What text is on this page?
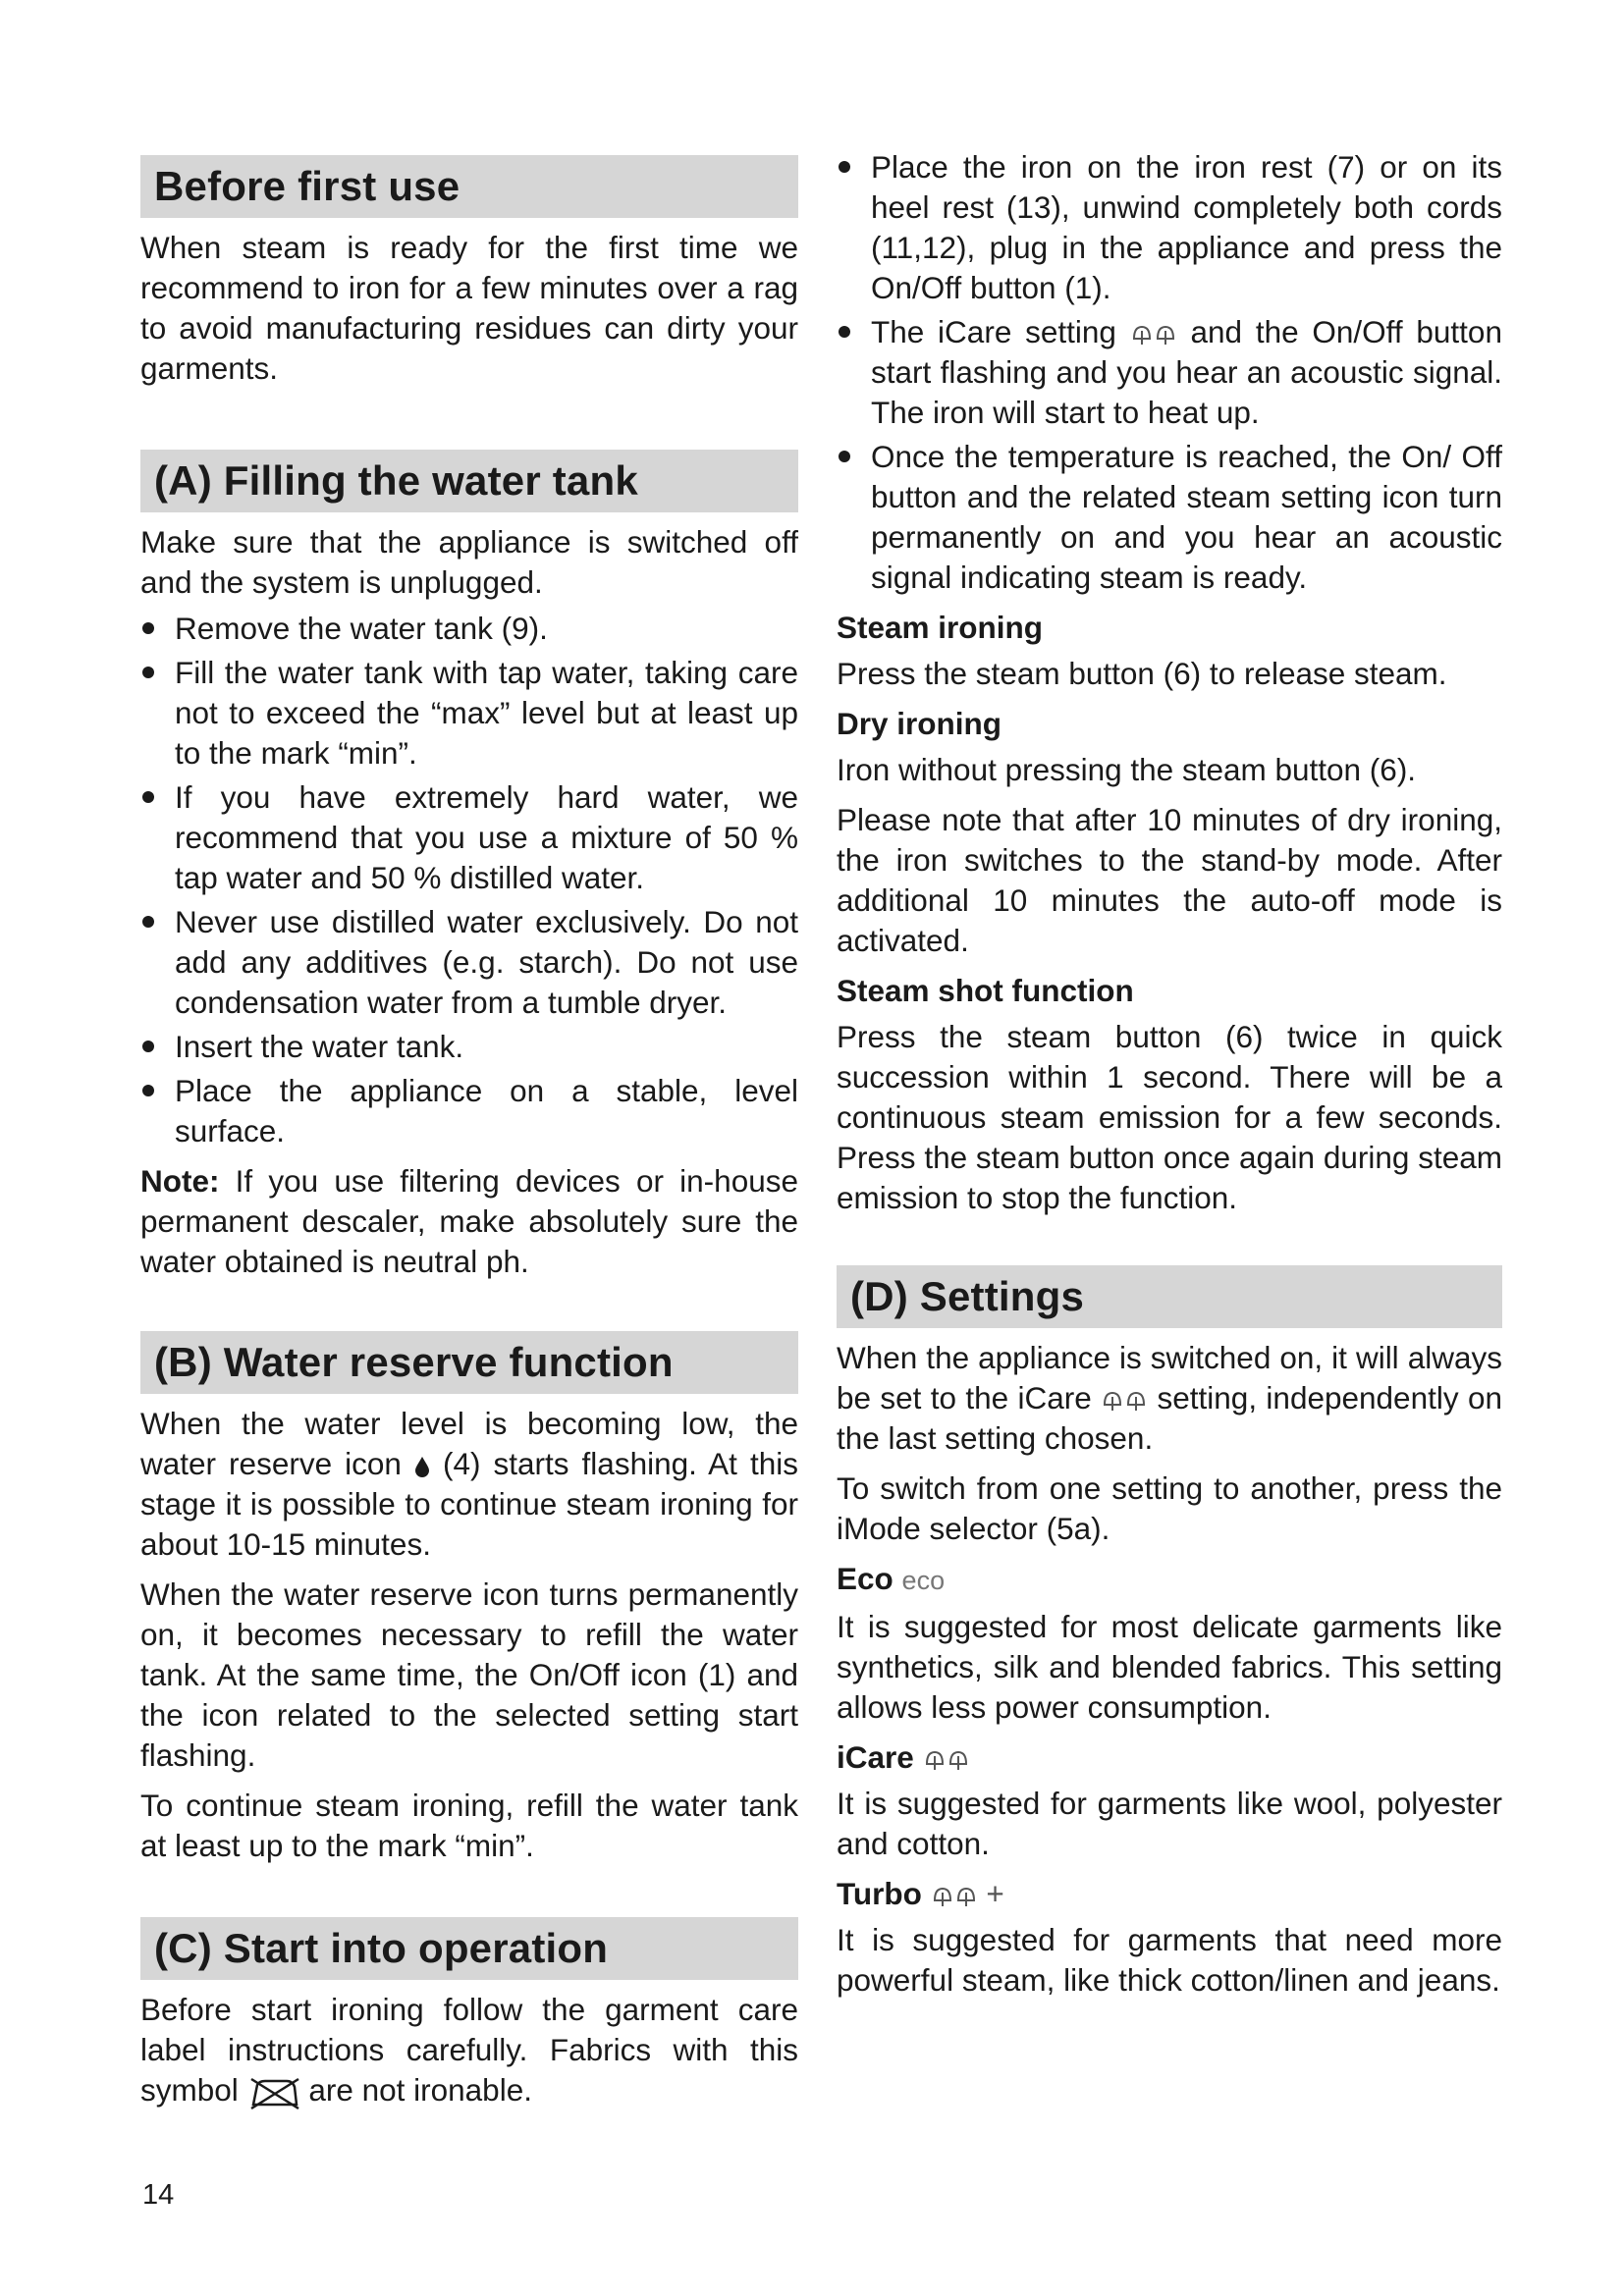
Before first use

When steam is ready for the first time we recommend to iron for a few minutes over a rag to avoid manufacturing residues can dirty your garments.

(A) Filling the water tank

Make sure that the appliance is switched off and the system is unplugged.

Remove the water tank (9).
Fill the water tank with tap water, taking care not to exceed the “max” level but at least up to the mark “min”.
If you have extremely hard water, we recommend that you use a mixture of 50 % tap water and 50 % distilled water.
Never use distilled water exclusively. Do not add any additives (e.g. starch). Do not use condensation water from a tumble dryer.
Insert the water tank.
Place the appliance on a stable, level surface.

Note: If you use filtering devices or in-house permanent descaler, make absolutely sure the water obtained is neutral ph.

(B) Water reserve function

When the water level is becoming low, the water reserve icon (4) starts flashing. At this stage it is possible to continue steam ironing for about 10-15 minutes.

When the water reserve icon turns permanently on, it becomes necessary to refill the water tank. At the same time, the On/Off icon (1) and the icon related to the selected setting start flashing.

To continue steam ironing, refill the water tank at least up to the mark “min”.

(C) Start into operation

Before start ironing follow the garment care label instructions carefully. Fabrics with this symbol are not ironable.

14
Place the iron on the iron rest (7) or on its heel rest (13), unwind completely both cords (11,12), plug in the appliance and press the On/Off button (1).
The iCare setting and the On/Off button start flashing and you hear an acoustic signal. The iron will start to heat up.
Once the temperature is reached, the On/ Off button and the related steam setting icon turn permanently on and you hear an acoustic signal indicating steam is ready.
Steam ironing

Press the steam button (6) to release steam.

Dry ironing

Iron without pressing the steam button (6).

Please note that after 10 minutes of dry ironing, the iron switches to the stand-by mode. After additional 10 minutes the auto-off mode is activated.

Steam shot function

Press the steam button (6) twice in quick succession within 1 second. There will be a continuous steam emission for a few seconds. Press the steam button once again during steam emission to stop the function.

(D) Settings

When the appliance is switched on, it will always be set to the iCare setting, independently on the last setting chosen.

To switch from one setting to another, press the iMode selector (5a).

Eco eco

It is suggested for most delicate garments like synthetics, silk and blended fabrics. This setting allows less power consumption.

iCare

It is suggested for garments like wool, polyester and cotton.

Turbo +

It is suggested for garments that need more powerful steam, like thick cotton/linen and jeans.
